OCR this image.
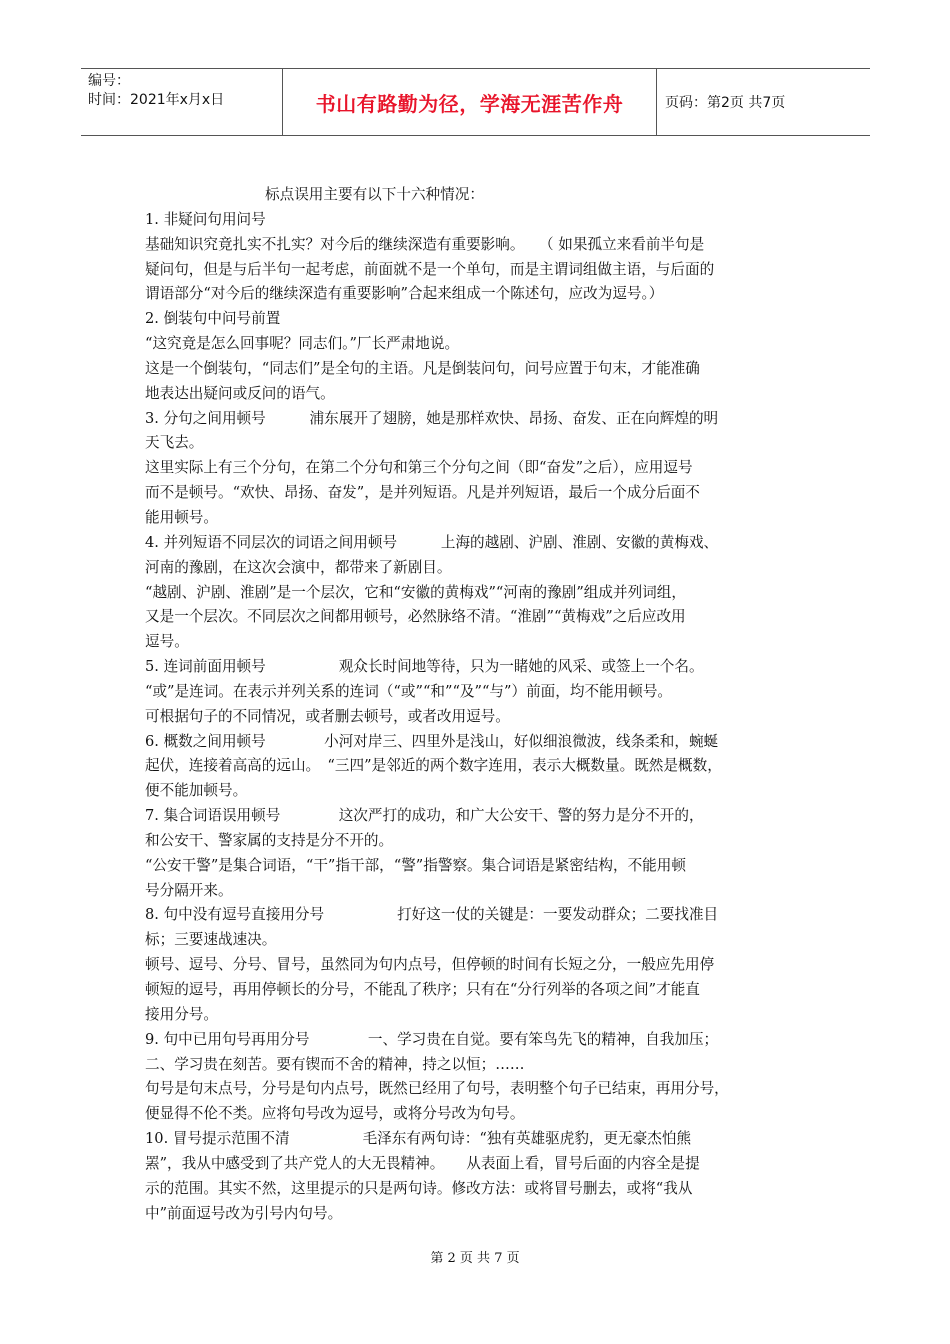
编号：
时间：2021年x月x日	书山有路勤为径，学海无涯苦作舟	页码：第2页 共7页
标点误用主要有以下十六种情况：
1. 非疑问句用问号
基础知识究竟扎实不扎实？对今后的继续深造有重要影响。　　（ 如果孤立来看前半句是
疑问句，但是与后半句一起考虑，前面就不是一个单句，而是主谓词组做主语，与后面的
谓语部分“对今后的继续深造有重要影响”合起来组成一个陈述句，应改为逗号。）
2. 倒装句中问号前置
“这究竟是怎么回事呢？同志们。”厂长严肃地说。
这是一个倒装句，“同志们”是全句的主语。凡是倒装问句，问号应置于句末，才能准确
地表达出疑问或反问的语气。
3. 分句之间用顿号　　　浦东展开了翅膀，她是那样欢快、昂扬、奋发、正在向辉煌的明
天飞去。
这里实际上有三个分句，在第二个分句和第三个分句之间（即“奋发”之后），应用逗号
而不是顿号。“欢快、昂扬、奋发”，是并列短语。凡是并列短语，最后一个成分后面不
能用顿号。
4. 并列短语不同层次的词语之间用顿号　　　上海的越剧、沪剧、淮剧、安徽的黄梅戏、
河南的豫剧，在这次会演中，都带来了新剧目。
“越剧、沪剧、淮剧”是一个层次，它和“安徽的黄梅戏”“河南的豫剧”组成并列词组，
又是一个层次。不同层次之间都用顿号，必然脉络不清。“淮剧”“黄梅戏”之后应改用
逗号。
5. 连词前面用顿号　　　　　观众长时间地等待，只为一睹她的风采、或签上一个名。
“或”是连词。在表示并列关系的连词（“或”“和”“及”“与”）前面，均不能用顿号。
可根据句子的不同情况，或者删去顿号，或者改用逗号。
6. 概数之间用顿号　　　　小河对岸三、四里外是浅山，好似细浪微波，线条柔和，蜿蜒
起伏，连接着高高的远山。　“三四”是邻近的两个数字连用，表示大概数量。既然是概数，
便不能加顿号。
7. 集合词语误用顿号　　　　这次严打的成功，和广大公安干、警的努力是分不开的，
和公安干、警家属的支持是分不开的。
“公安干警”是集合词语，“干”指干部，“警”指警察。集合词语是紧密结构，不能用顿
号分隔开来。
8. 句中没有逗号直接用分号　　　　　打好这一仗的关键是：一要发动群众；二要找准目
标；三要速战速决。
顿号、逗号、分号、冒号，虽然同为句内点号，但停顿的时间有长短之分，一般应先用停
顿短的逗号，再用停顿长的分号，不能乱了秩序；只有在“分行列举的各项之间”才能直
接用分号。
9. 句中已用句号再用分号　　　　一、学习贵在自觉。要有笨鸟先飞的精神，自我加压；
二、学习贵在刻苦。要有锲而不舍的精神，持之以恒；……
句号是句末点号，分号是句内点号，既然已经用了句号，表明整个句子已结束，再用分号，
便显得不伦不类。应将句号改为逗号，或将分号改为句号。
10. 冒号提示范围不清　　　　　毛泽东有两句诗：“独有英雄驱虎豹，更无豪杰怕熊
罴”，我从中感受到了共产党人的大无畏精神。　　从表面上看，冒号后面的内容全是提
示的范围。其实不然，这里提示的只是两句诗。修改方法：或将冒号删去，或将“我从
中”前面逗号改为引号内句号。
第 2 页 共 7 页
